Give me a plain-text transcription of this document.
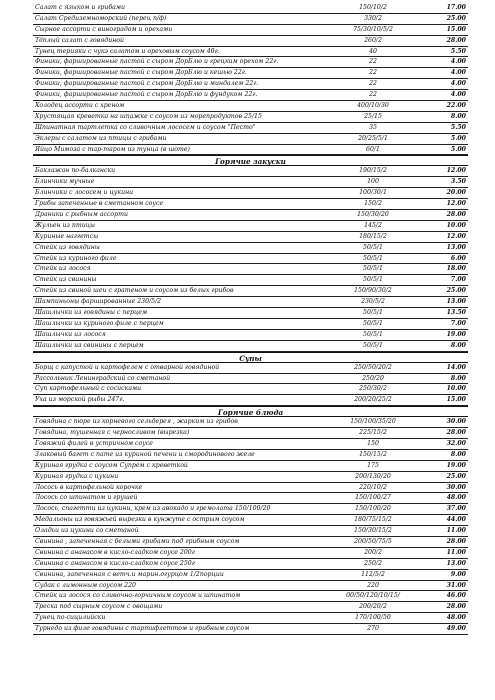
Салат с языком и грибами	150/10/2	17.00
Салат Средиземноморский (перец п/ф)	330/2	25.00
Сырное ассорти с виноградом и орехами	75/30/10/5/2	15.00
Тёплый салат с говядиной	260/2	28.00
Тунец терияки с чукэ салатом и ореховым соусом 40г.	40	5.50
Финики, фаршированные пастой с сыром ДорБлю и грецким орехом 22г.	22	4.00
Финики, фаршированные пастой с сыром ДорБлю и кешью 22г.	22	4.00
Финики, фаршированные пастой с сыром ДорБлю и миндалем 22г.	22	4.00
Финики, фаршированные пастой с сыром ДорБлю и фундуком 22г.	22	4.00
Холодец ассорти с хреном	400/10/30	22.00
Хрустящая креветка на шпажке с соусом из морепродуктов 25/15	25/15	8.00
Шпинатная тартлетка со сливочным лососем и соусом "Песто"	35	5.50
Эклеры с салатом из птицы с грибами	20/25/5/1	5.00
Яйцо Мимоза с тар-таром из тунца (в шоте)	60/1	5.00
Горячие закуски
Баклажан по-балкански	190/15/2	12.00
Блинчики мучные	100	3.50
Блинчики с лососем и цукини	100/30/1	20.00
Грибы запеченные в сметанном соусе	150/2	12.00
Драники с рыбным ассорти	150/30/20	28.00
Жульен из птицы	145/2	10.00
Куриные наггетсы	180/15/2	12.00
Стейк из говядины	50/5/1	13.00
Стейк из куриного филе	50/5/1	6.00
Стейк из лосося	50/5/1	18.00
Стейк из свинины	50/5/1	7.00
Стейк из свиной шеи с гратеном и соусом из белых грибов	150/90/30/2	25.00
Шампиньоны фаршированные 230/5/2	230/5/2	13.00
Шашлычки из говядины с перцем	50/5/1	13.50
Шашлычки из куриного филе с перцем	50/5/1	7.00
Шашлычки из лосося	50/5/1	19.00
Шашлычки из свинины с перцем	50/5/1	8.00
Супы
Борщ с капустой и картофелем с отварной говядиной	250/50/20/2	14.00
Рассольник Ленинградский со сметаной	250/20	8.00
Суп картофельный с сосисками	250/30/2	10.00
Уха из морской рыбы 247г.	200/20/25/2	15.00
Горячие блюда
Говядина с пюре из корневого сельдерея , жарким из грибов	150/100/35/20	30.00
Говядина, тушенная с черносливом (вырезка)	225/15/2	28.00
Говяжий филей в устричном соусе	150	32.00
Злаковый багет с пате из куриной печени и смородинового желе	150/15/2	8.00
Куриная грудка с соусом Супрем с креветкой	175	19.00
Куриная грудка с цукини	200/130/20	25.00
Лосось в картофельной корочке	220/10/2	30.00
Лосось со шпинатом и грушей	150/100/27	48.00
Лосось, спагетти из цукини, крем из авокадо и гремолата 150/100/20	150/100/20	37.00
Медальоны из говяжьей вырезки в кунжуте с острым соусом	180/75/15/2	44.00
Оладьи из цукини со сметаной	150/30/15/2	11.00
Свинина , запеченная с белыми грибами под грибным соусом	200/50/75/5	28.00
Свинина с ананасом в кисло-сладком соусе 200г	200/2	11.00
Свинина с ананасом в кисло-сладком соусе 250г	250/2	13.00
Свинина, запеченная с ветч.и марин.огурцом 1/2порции	112/5/2	9.00
Судак с лимонным соусом 220	220	31.00
Стейк из лосося со сливочно-горчичным соусом и шпинатом	00/50/120/10/15/	46.00
Треска под сырным соусом с овощами	200/20/2	28.00
Тунец по-сицилийски	170/100/50	48.00
Турнедо из филе говядины с тартифлеттом и грибным соусом	270	49.00
